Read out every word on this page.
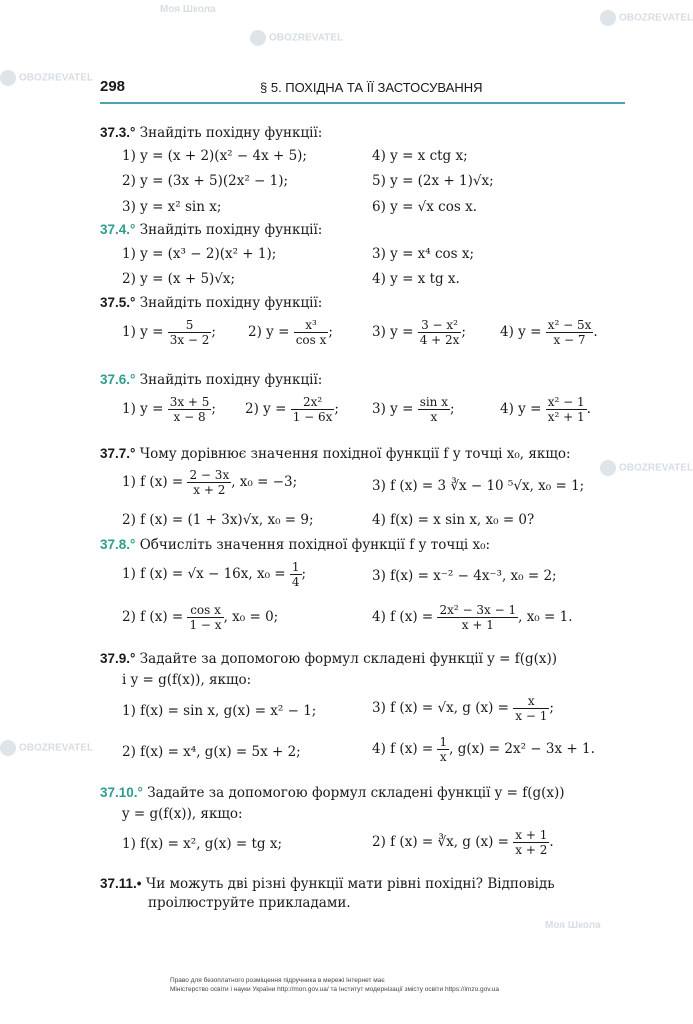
Моя Школа
OBOZREVATEL
OBOZREVATEL
OBOZREVATEL
OBOZREVATEL
OBOZREVATEL
Моя Школа
298	§ 5. ПОХІДНА ТА ЇЇ ЗАСТОСУВАННЯ
37.3.° Знайдіть похідну функції:
1) y = (x + 2)(x² − 4x + 5);	4) y = x ctg x;
2) y = (3x + 5)(2x² − 1);	5) y = (2x + 1)√x;
3) y = x² sin x;	6) y = √x cos x.
37.4.° Знайдіть похідну функції:
1) y = (x³ − 2)(x² + 1);	3) y = x⁴ cos x;
2) y = (x + 5)√x;	4) y = x tg x.
37.5.° Знайдіть похідну функції:
1) $y = \frac{5}{3x - 2}$ ; 2) $y = \frac{\text{x³}}{\text{cos x}}$ ;	3) $y = \frac{\text{3 − x²}}{4 + 2x}$ ;	4) $y = \frac{\text{x² − 5x}}{x - 7}$ .
37.6.° Знайдіть похідну функції:
1) $y = \frac{3x + 5}{x - 8}$ ; 2) $y = \frac{\text{2x²}}{1 - 6x}$ ; 3) $y = \frac{\text{sin x}}{x}$ ;	4) $y = \frac{\text{x² − 1}}{\text{x² + 1}}$ .
37.7.° Чому дорівнює значення похідної функції f у точці x₀, якщо:
1) f $(x) = \frac{2 - 3x}{x + 2}$ , x₀ = −3;	3) f (x) = 3 ∛x − 10 ⁵√x, x₀ = 1;
2) f (x) = (1 + 3x)√x, x₀ = 9;	4) f(x) = x sin x, x₀ = 0?
37.8.° Обчисліть значення похідної функції f у точці x₀:
1) f (x) = √x − 16x, $x_0 = \frac{1}{4}$ ;	3) f(x) = x⁻² − 4x⁻³, x₀ = 2;
2) f $(x) = \frac{\text{cos x}}{1 - x}$ , x₀ = 0;	4) f $(x) = \frac{\text{2x² − 3x − 1}}{x + 1}$ , x₀ = 1.
37.9.° Задайте за допомогою формул складені функції y = f(g(x))
і y = g(f(x)), якщо:
1) f(x) = sin x, g(x) = x² − 1;	3) f (x) = √x, g $(x) = \frac{x}{x - 1}$ ;
2) f(x) = x⁴, g(x) = 5x + 2;	4) f $(x) = \frac{1}{x}$ , g(x) = 2x² − 3x + 1.
37.10.° Задайте за допомогою формул складені функції y = f(g(x))
y = g(f(x)), якщо:
1) f(x) = x², g(x) = tg x;	2) f (x) = ∛x, g $(x) = \frac{x + 1}{x + 2}$ .
37.11.• Чи можуть дві різні функції мати рівні похідні? Відповідь
проілюструйте прикладами.
Право для безоплатного розміщення підручника в мережі Інтернет має
Міністерство освіти і науки України http://mon.gov.ua/ та Інститут модернізації змісту освіти https://imzo.gov.ua
